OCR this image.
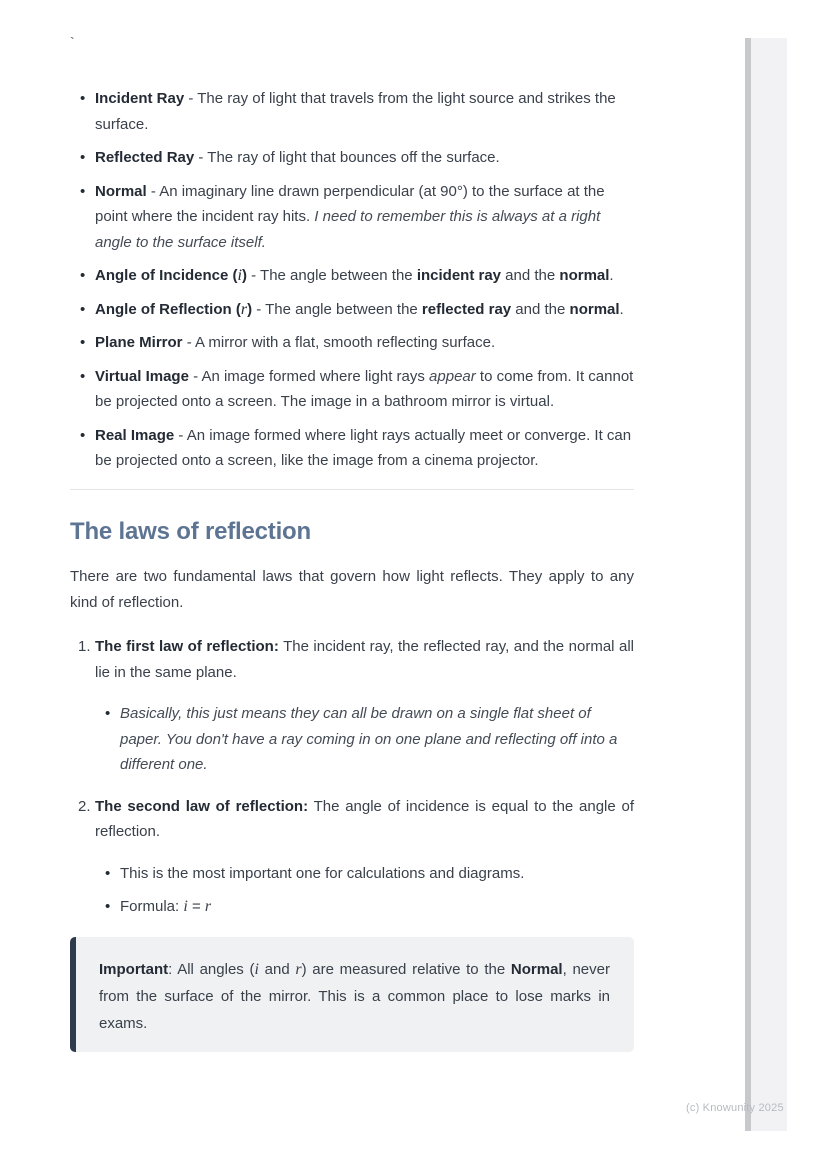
`
• Incident Ray - The ray of light that travels from the light source and strikes the surface.
• Reflected Ray - The ray of light that bounces off the surface.
• Normal - An imaginary line drawn perpendicular (at 90°) to the surface at the point where the incident ray hits. I need to remember this is always at a right angle to the surface itself.
• Angle of Incidence (i) - The angle between the incident ray and the normal.
• Angle of Reflection (r) - The angle between the reflected ray and the normal.
• Plane Mirror - A mirror with a flat, smooth reflecting surface.
• Virtual Image - An image formed where light rays appear to come from. It cannot be projected onto a screen. The image in a bathroom mirror is virtual.
• Real Image - An image formed where light rays actually meet or converge. It can be projected onto a screen, like the image from a cinema projector.
The laws of reflection

There are two fundamental laws that govern how light reflects. They apply to any kind of reflection.

1. The first law of reflection: The incident ray, the reflected ray, and the normal all lie in the same plane.
• Basically, this just means they can all be drawn on a single flat sheet of paper. You don't have a ray coming in on one plane and reflecting off into a different one.
2. The second law of reflection: The angle of incidence is equal to the angle of reflection.
• This is the most important one for calculations and diagrams.
• Formula: i = r
Important: All angles (i and r) are measured relative to the Normal, never from the surface of the mirror. This is a common place to lose marks in exams.
(c) Knowunity 2025
